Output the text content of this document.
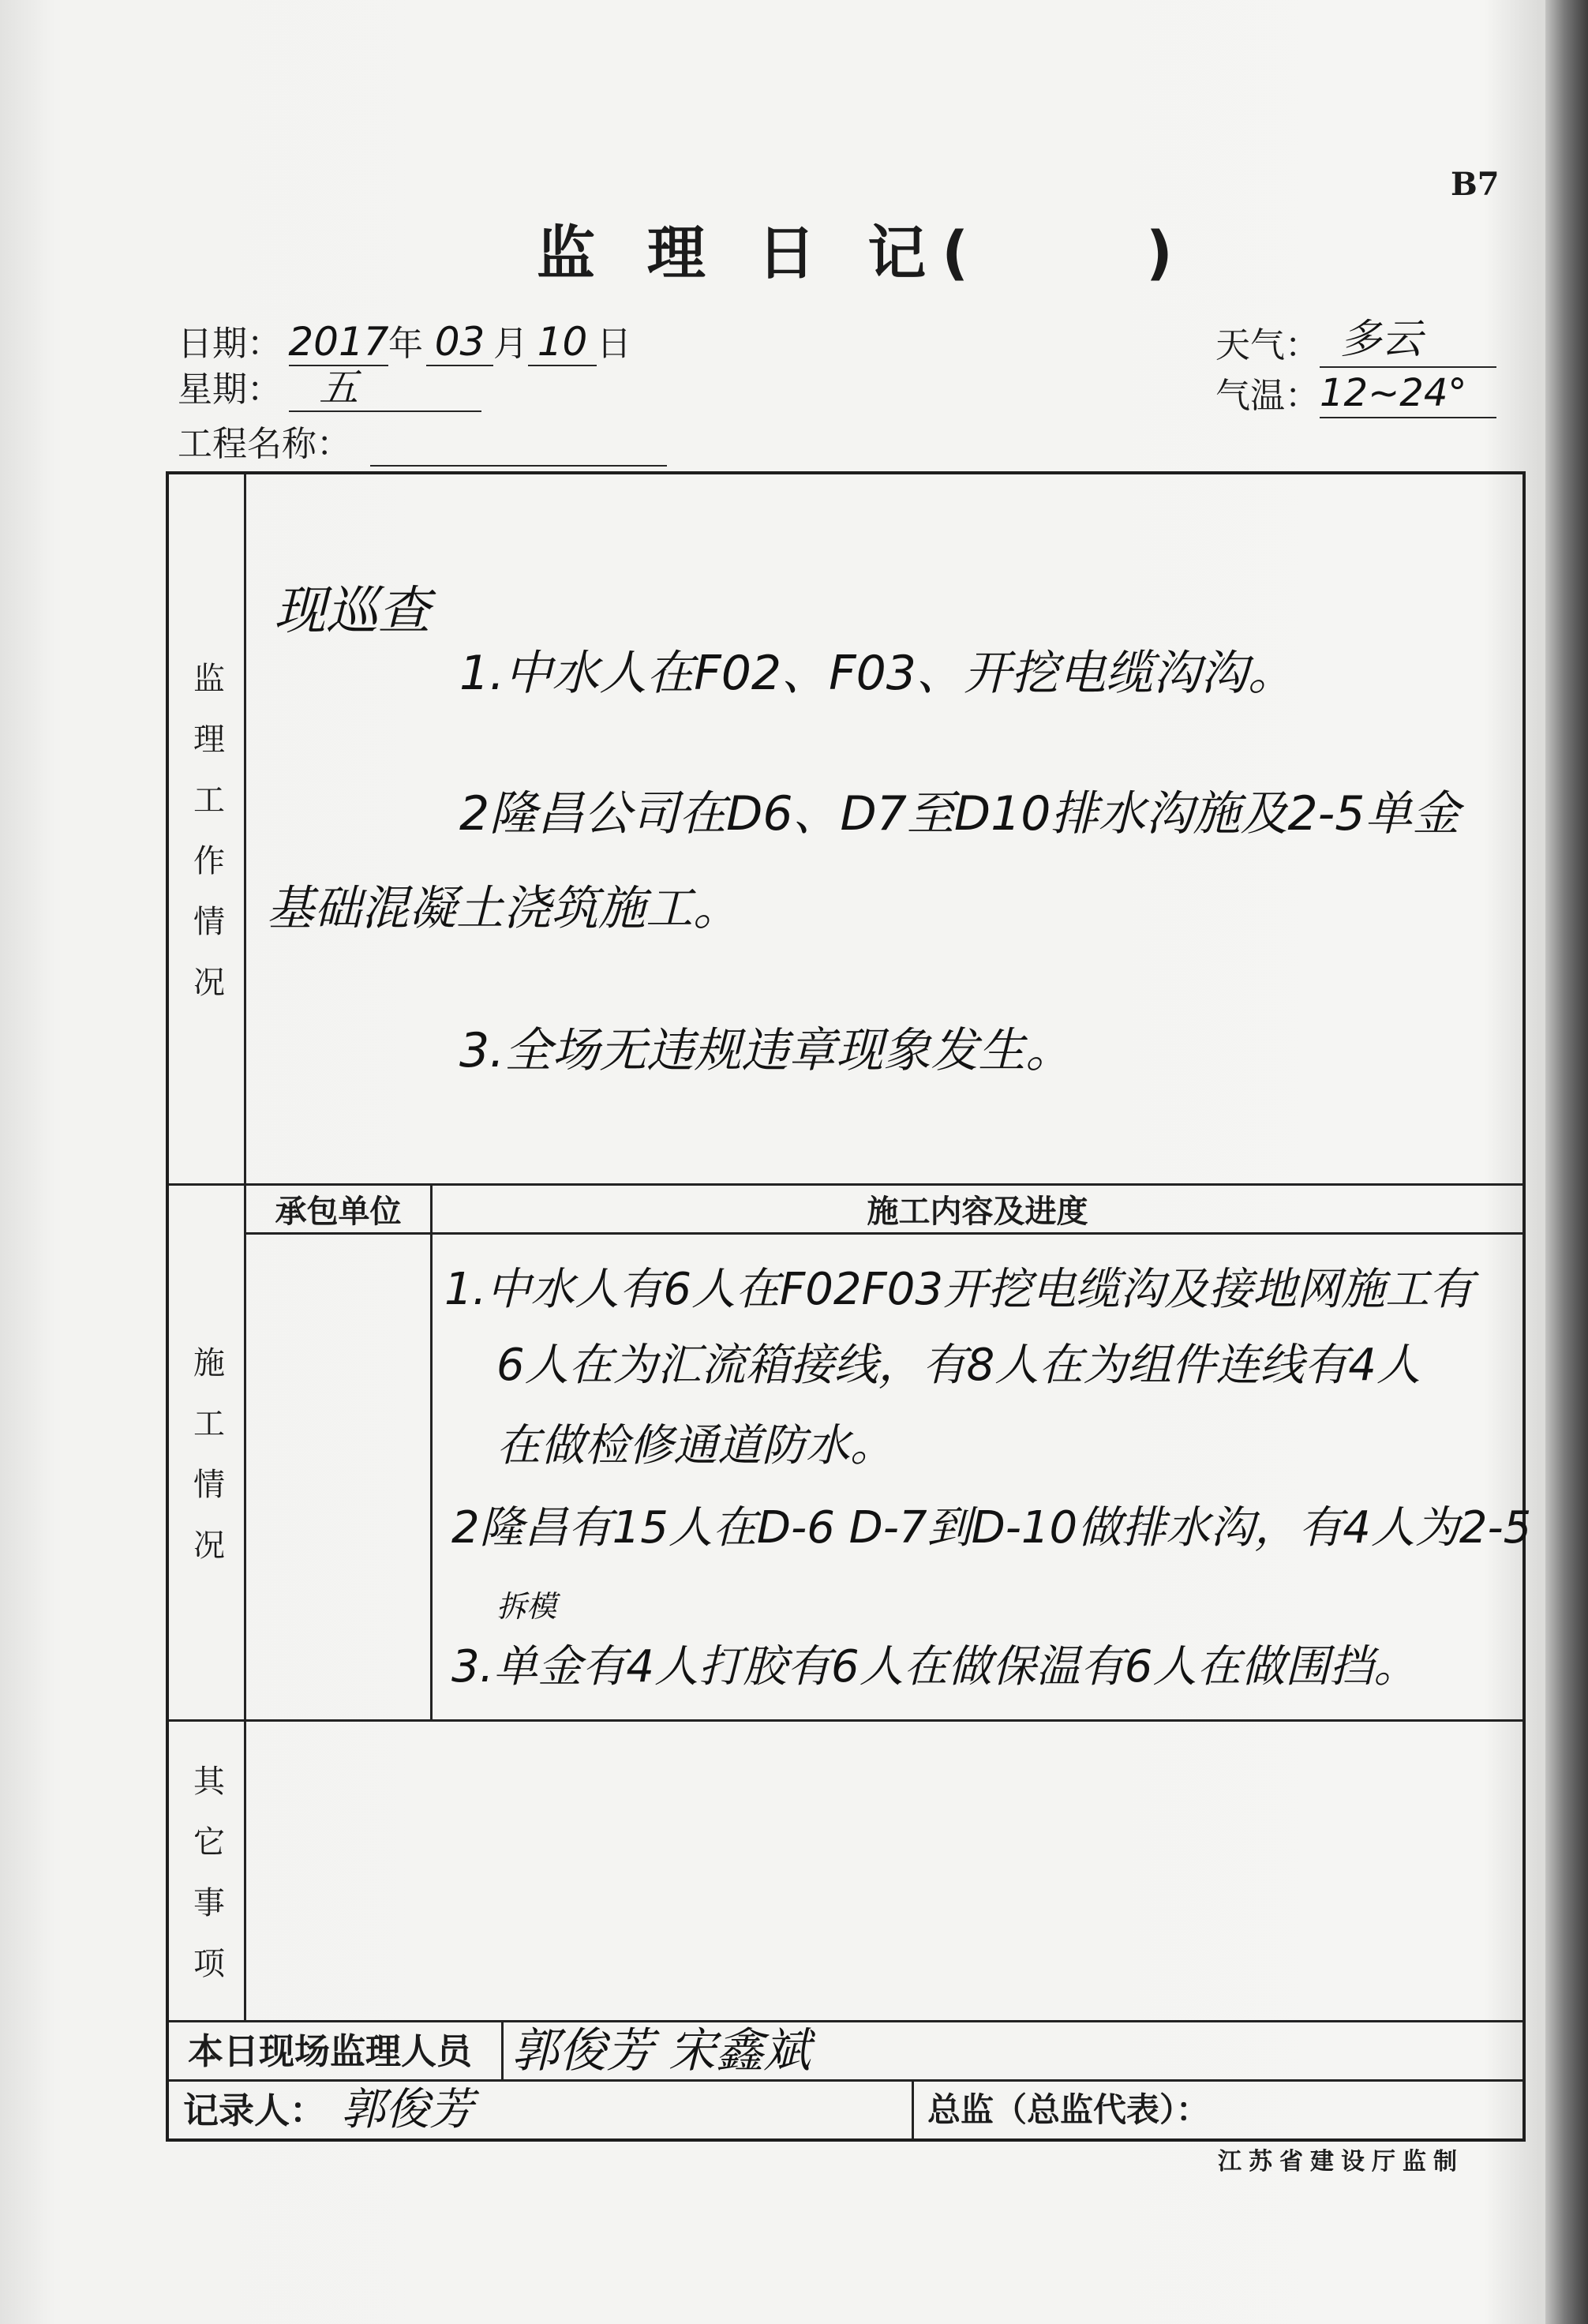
B7
监 理 日 记(	)
日期： 2017 年 03 月 10 日
星期： 五
工程名称：
天气： 多云
气温： 12~24°
监理工作情况
现巡查
1.中水人在F02、F03、开挖电缆沟沟。
2隆昌公司在D6、D7至D10排水沟施及2-5单金
基础混凝土浇筑施工。
3.全场无违规违章现象发生。
施工情况
承包单位	施工内容及进度
1.中水人有6人在F02F03开挖电缆沟及接地网施工有
6人在为汇流箱接线，有8人在为组件连线有4人
在做检修通道防水。
2隆昌有15人在D-6 D-7到D-10做排水沟，有4人为2-5
拆模
3.单金有4人打胶有6人在做保温有6人在做围挡。
其它事项
本日现场监理人员 郭俊芳 宋鑫斌
记录人： 郭俊芳	总监（总监代表）：
江苏省建设厅监制
